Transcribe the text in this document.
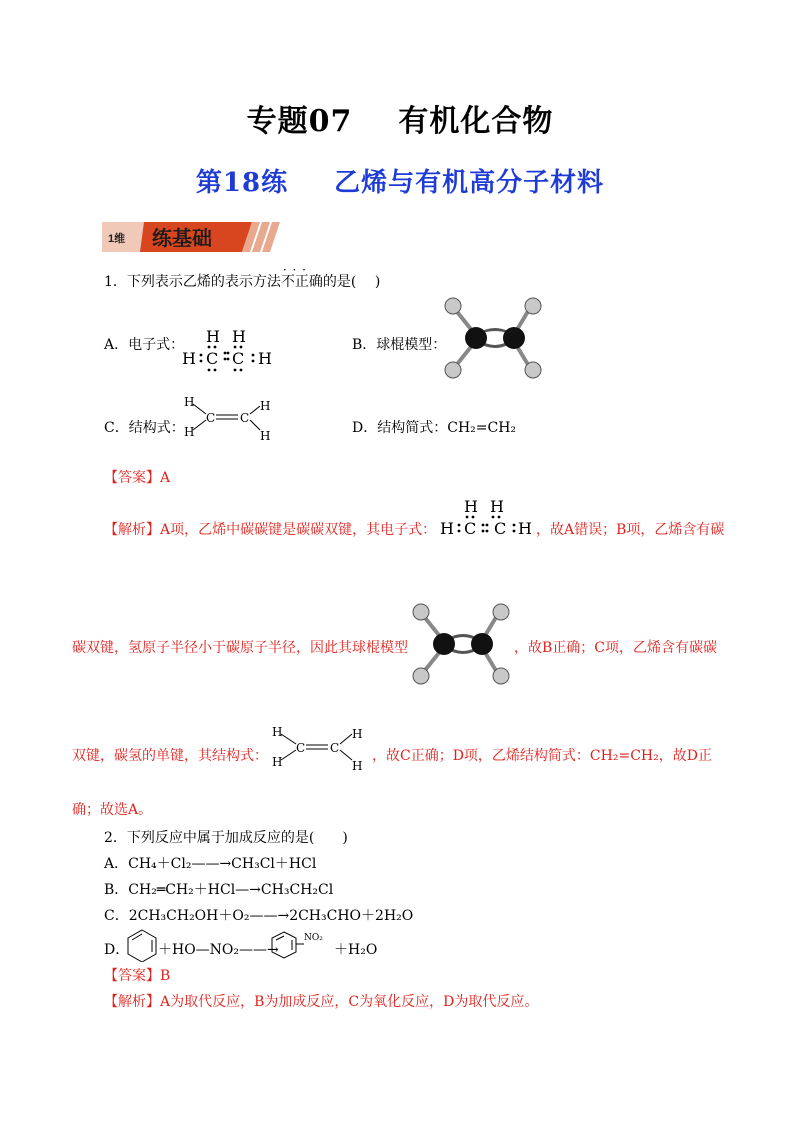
专题07 有机化合物
第18练 乙烯与有机高分子材料
1维 练基础
1．下列表示乙烯的表示方法· · · 不正确的是(　 )
A．电子式： H H
H C C H
B．球棍模型：
C．结构式：
H
H
C C
H
H	D．结构简式：CH₂=CH₂
【答案】A
【解析】A项，乙烯中碳碳键是碳碳双键，其电子式：
H H
H C C H ，故A错误；B项，乙烯含有碳
碳双键，氢原子半径小于碳原子半径，因此其球棍模型	，故B正确；C项，乙烯含有碳碳
双键，碳氢的单键，其结构式：
H
H
C C
H
H
，故C正确；D项，乙烯结构简式：CH₂=CH₂，故D正
确；故选A。
2．下列反应中属于加成反应的是(　　)
A．CH₄＋Cl₂——→CH₃Cl＋HCl
B．CH₂═CH₂＋HCl—→CH₃CH₂Cl
C．2CH₃CH₂OH＋O₂——→2CH₃CHO＋2H₂O
D． ＋HO—NO₂——→
NO₂
＋H₂O
【答案】B
【解析】A为取代反应，B为加成反应，C为氧化反应，D为取代反应。
